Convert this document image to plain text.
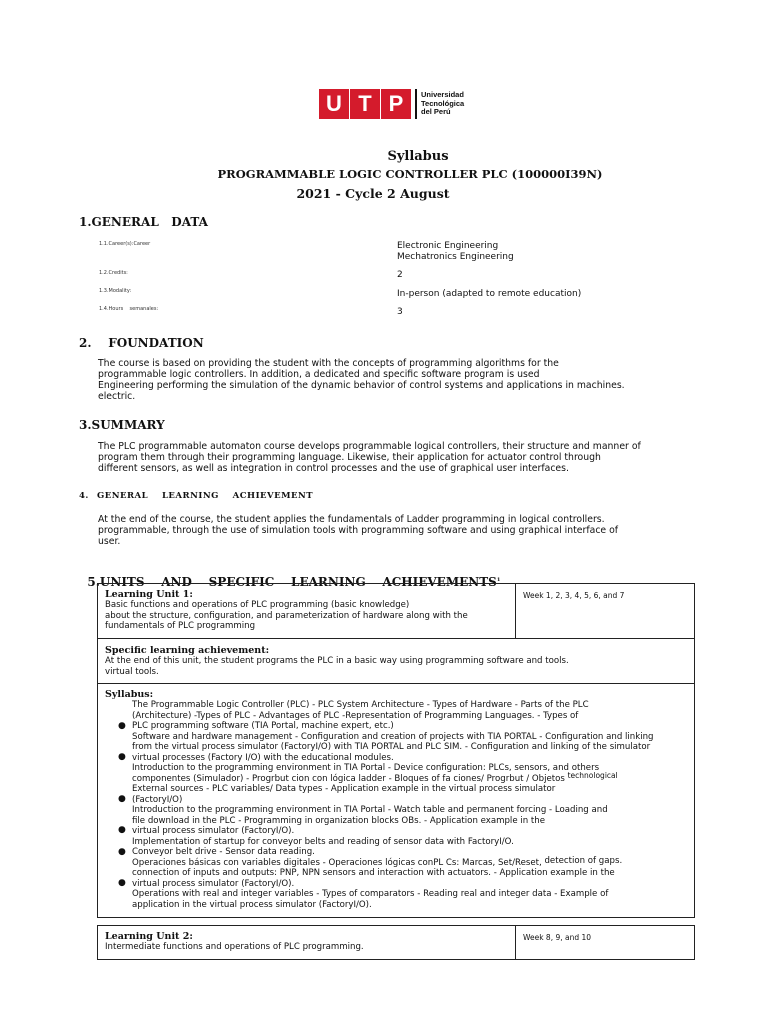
U T P	Universidad
Tecnológica
del Perú
Syllabus
PROGRAMMABLE LOGIC CONTROLLER PLC (100000I39N)
2021 - Cycle 2 August
1.GENERAL   DATA
1.1.Career(s):Career	Electronic Engineering
Mechatronics Engineering
1.2.Credits:	2
1.3.Modality:	In-person (adapted to remote education)
1.4.Hours    semanales:	3
2.    FOUNDATION
The course is based on providing the student with the concepts of programming algorithms for the
programmable logic controllers. In addition, a dedicated and specific software program is used
Engineering performing the simulation of the dynamic behavior of control systems and applications in machines.
electric.
3.SUMMARY
The PLC programmable automaton course develops programmable logical controllers, their structure and manner of
program them through their programming language. Likewise, their application for actuator control through
different sensors, as well as integration in control processes and the use of graphical user interfaces.
4. GENERAL    LEARNING    ACHIEVEMENT
At the end of the course, the student applies the fundamentals of Ladder programming in logical controllers.
programmable, through the use of simulation tools with programming software and using graphical interface of
user.

5.UNITS    AND    SPECIFIC    LEARNING    ACHIEVEMENTS$^1$

Learning Unit 1:
Basic functions and operations of PLC programming (basic knowledge)
about the structure, configuration, and parameterization of hardware along with the
fundamentals of PLC programming
Week 1, 2, 3, 4, 5, 6, and 7
Specific learning achievement:
At the end of this unit, the student programs the PLC in a basic way using programming software and tools.
virtual tools.
Syllabus:
The Programmable Logic Controller (PLC) - PLC System Architecture - Types of Hardware - Parts of the PLC
(Architecture) -Types of PLC - Advantages of PLC -Representation of Programming Languages. - Types of
PLC programming software (TIA Portal, machine expert, etc.)
Software and hardware management - Configuration and creation of projects with TIA PORTAL - Configuration and linking
from the virtual process simulator (FactoryI/O) with TIA PORTAL and PLC SIM. - Configuration and linking of the simulator
virtual processes (Factory I/O) with the educational modules.
Introduction to the programming environment in TIA Portal - Device configuration: PLCs, sensors, and others
componentes (Simulador) - Progrbut cion con lógica ladder - Bloques of fa ciones/ Progrbut / Objetos technological
External sources - PLC variables/ Data types - Application example in the virtual process simulator
(FactoryI/O)
Introduction to the programming environment in TIA Portal - Watch table and permanent forcing - Loading and
file download in the PLC - Programming in organization blocks OBs. - Application example in the
virtual process simulator (FactoryI/O).
Implementation of startup for conveyor belts and reading of sensor data with FactoryI/O.
Conveyor belt drive - Sensor data reading.
Operaciones básicas con variables digitales - Operaciones lógicas conPL Cs: Marcas, Set/Reset, detection of gaps.
connection of inputs and outputs: PNP, NPN sensors and interaction with actuators. - Application example in the
virtual process simulator (FactoryI/O).
Operations with real and integer variables - Types of comparators - Reading real and integer data - Example of
application in the virtual process simulator (FactoryI/O).
●
●
●
●
●
●
Learning Unit 2:
Intermediate functions and operations of PLC programming.
Week 8, 9, and 10
